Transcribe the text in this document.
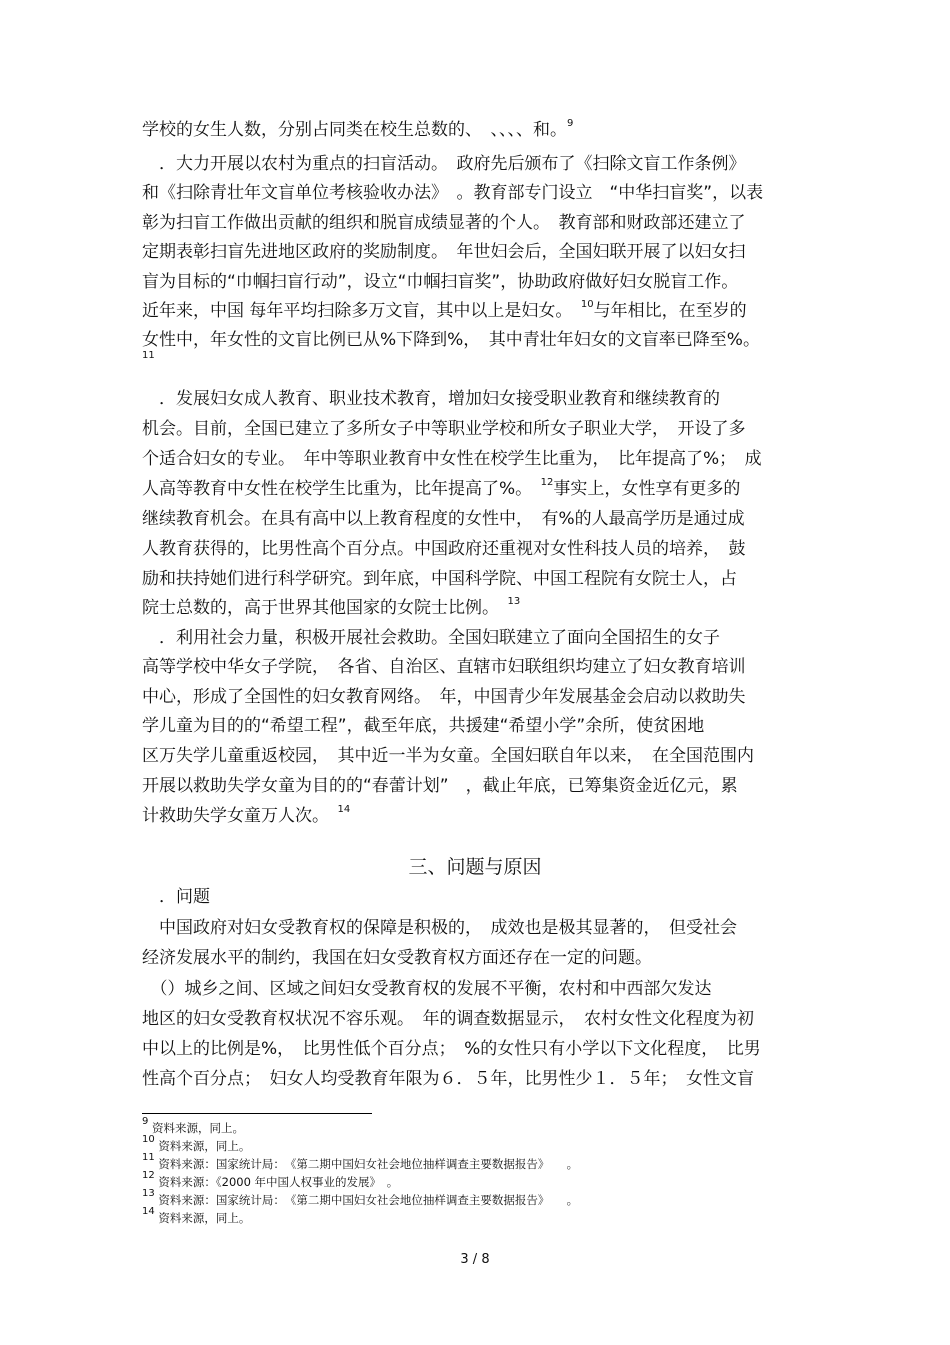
学校的女生人数，分别占同类在校生总数的、　、、、、和。$^9$
　．大力开展以农村为重点的扫盲活动。　政府先后颁布了《扫除文盲工作条例》
和《扫除青壮年文盲单位考核验收办法》　。教育部专门设立　“中华扫盲奖”，以表
彰为扫盲工作做出贡献的组织和脱盲成绩显著的个人。　教育部和财政部还建立了
定期表彰扫盲先进地区政府的奖励制度。　年世妇会后，全国妇联开展了以妇女扫
盲为目标的“巾帼扫盲行动”，设立“巾帼扫盲奖”，协助政府做好妇女脱盲工作。
近年来，中国 每年平均扫除多万文盲，其中以上是妇女。　$^{10}$与年相比，在至岁的
女性中，年女性的文盲比例已从%下降到%，　其中青壮年妇女的文盲率已降至%。
$^{11}$
　．发展妇女成人教育、职业技术教育，增加妇女接受职业教育和继续教育的
机会。目前，全国已建立了多所女子中等职业学校和所女子职业大学，　开设了多
个适合妇女的专业。　年中等职业教育中女性在校学生比重为，　比年提高了%；　成
人高等教育中女性在校学生比重为，比年提高了%。　$^{12}$事实上，女性享有更多的
继续教育机会。在具有高中以上教育程度的女性中，　有%的人最高学历是通过成
人教育获得的，比男性高个百分点。中国政府还重视对女性科技人员的培养，　鼓
励和扶持她们进行科学研究。到年底，中国科学院、中国工程院有女院士人，占
院士总数的，高于世界其他国家的女院士比例。　$^{13}$
　．利用社会力量，积极开展社会救助。全国妇联建立了面向全国招生的女子
高等学校中华女子学院，　各省、自治区、直辖市妇联组织均建立了妇女教育培训
中心，形成了全国性的妇女教育网络。　年，中国青少年发展基金会启动以救助失
学儿童为目的的“希望工程”，截至年底，共援建“希望小学”余所，使贫困地
区万失学儿童重返校园，　其中近一半为女童。全国妇联自年以来，　在全国范围内
开展以救助失学女童为目的的“春蕾计划”　，截止年底，已筹集资金近亿元，累
计救助失学女童万人次。　$^{14}$
三、问题与原因
　．问题
　中国政府对妇女受教育权的保障是积极的，　成效也是极其显著的，　但受社会
经济发展水平的制约，我国在妇女受教育权方面还存在一定的问题。
　（）城乡之间、区域之间妇女受教育权的发展不平衡，农村和中西部欠发达
地区的妇女受教育权状况不容乐观。　年的调查数据显示，　农村女性文化程度为初
中以上的比例是%，　比男性低个百分点；　%的女性只有小学以下文化程度，　比男
性高个百分点；　妇女人均受教育年限为６．５年，比男性少１．５年；　女性文盲
$^9$ 资料来源，同上。
$^{10}$ 资料来源，同上。
$^{11}$ 资料来源：国家统计局：　《第二期中国妇女社会地位抽样调查主要数据报告》　　。
$^{12}$ 资料来源：《2000 年中国人权事业的发展》　。
$^{13}$ 资料来源：国家统计局：　《第二期中国妇女社会地位抽样调查主要数据报告》　　。
$^{14}$ 资料来源，同上。
3 / 8
